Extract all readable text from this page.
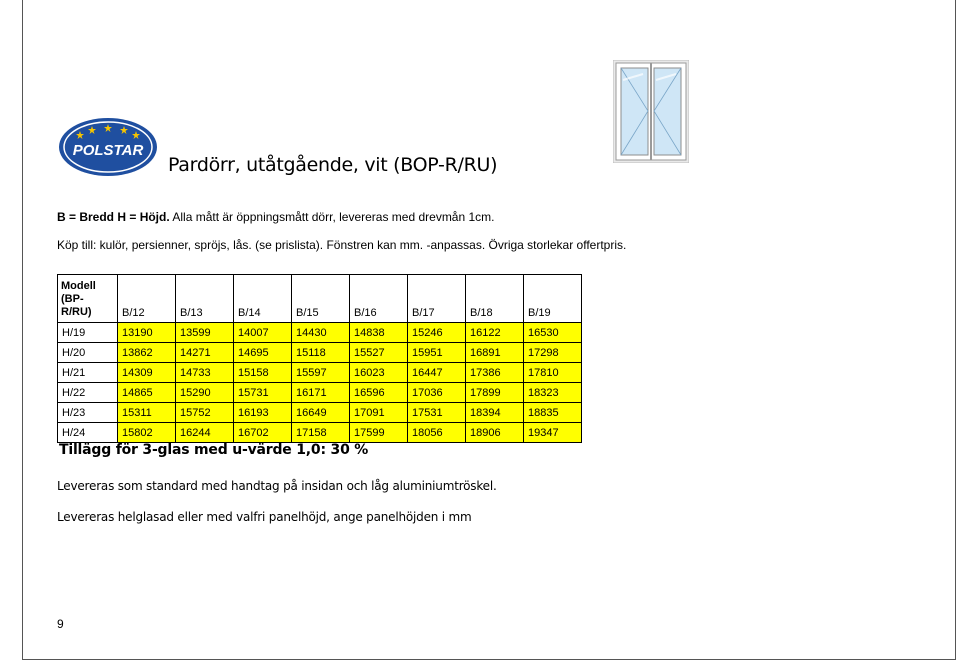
POLSTAR
Pardörr, utåtgående, vit (BOP-R/RU)
B = Bredd H = Höjd. Alla mått är öppningsmått dörr, levereras med drevmån 1cm.
Köp till: kulör, persienner, spröjs, lås. (se prislista). Fönstren kan mm. -anpassas. Övriga storlekar offertpris.
Modell
(BP-
R/RU)	B/12	B/13	B/14	B/15	B/16	B/17	B/18	B/19
H/19	13190	13599	14007	14430	14838	15246	16122	16530
H/20	13862	14271	14695	15118	15527	15951	16891	17298
H/21	14309	14733	15158	15597	16023	16447	17386	17810
H/22	14865	15290	15731	16171	16596	17036	17899	18323
H/23	15311	15752	16193	16649	17091	17531	18394	18835
H/24	15802	16244	16702	17158	17599	18056	18906	19347
Tillägg för 3-glas med u-värde 1,0: 30 %
Levereras som standard med handtag på insidan och låg aluminiumtröskel.
Levereras helglasad eller med valfri panelhöjd, ange panelhöjden i mm
9
